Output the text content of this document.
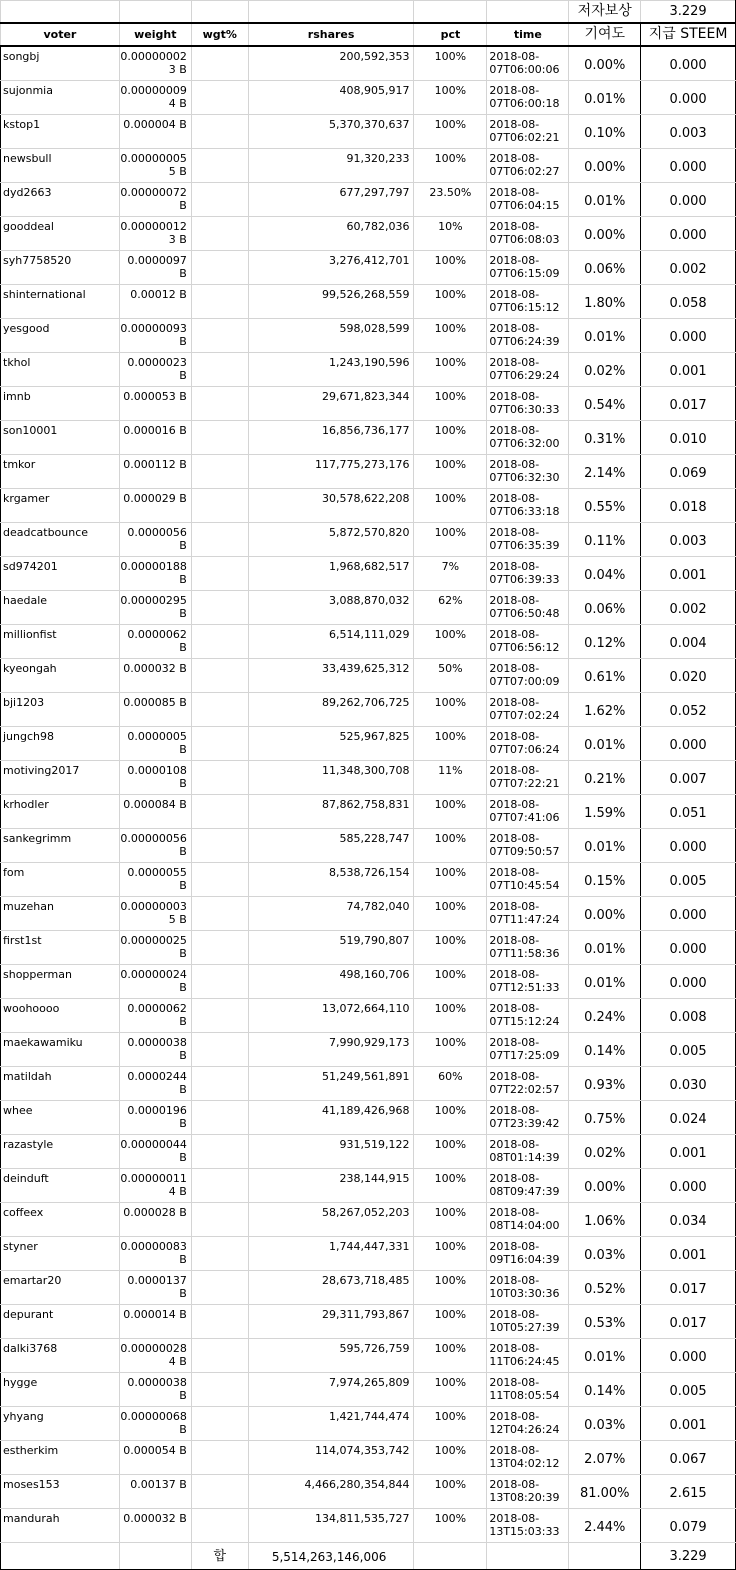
						저자보상	3.229
voter	weight	wgt%	rshares	pct	time	기여도	지급 STEEM
songbj	0.00000002 3 B		200,592,353	100%	2018-08-07T06:00:06	0.00%	0.000
sujonmia	0.00000009 4 B		408,905,917	100%	2018-08-07T06:00:18	0.01%	0.000
kstop1	0.000004 B		5,370,370,637	100%	2018-08-07T06:02:21	0.10%	0.003
newsbull	0.00000005 5 B		91,320,233	100%	2018-08-07T06:02:27	0.00%	0.000
dyd2663	0.00000072 B		677,297,797	23.50%	2018-08-07T06:04:15	0.01%	0.000
gooddeal	0.00000012 3 B		60,782,036	10%	2018-08-07T06:08:03	0.00%	0.000
syh7758520	0.0000097 B		3,276,412,701	100%	2018-08-07T06:15:09	0.06%	0.002
shinternational	0.00012 B		99,526,268,559	100%	2018-08-07T06:15:12	1.80%	0.058
yesgood	0.00000093 B		598,028,599	100%	2018-08-07T06:24:39	0.01%	0.000
tkhol	0.0000023 B		1,243,190,596	100%	2018-08-07T06:29:24	0.02%	0.001
imnb	0.000053 B		29,671,823,344	100%	2018-08-07T06:30:33	0.54%	0.017
son10001	0.000016 B		16,856,736,177	100%	2018-08-07T06:32:00	0.31%	0.010
tmkor	0.000112 B		117,775,273,176	100%	2018-08-07T06:32:30	2.14%	0.069
krgamer	0.000029 B		30,578,622,208	100%	2018-08-07T06:33:18	0.55%	0.018
deadcatbounce	0.0000056 B		5,872,570,820	100%	2018-08-07T06:35:39	0.11%	0.003
sd974201	0.00000188 B		1,968,682,517	7%	2018-08-07T06:39:33	0.04%	0.001
haedale	0.00000295 B		3,088,870,032	62%	2018-08-07T06:50:48	0.06%	0.002
millionfist	0.0000062 B		6,514,111,029	100%	2018-08-07T06:56:12	0.12%	0.004
kyeongah	0.000032 B		33,439,625,312	50%	2018-08-07T07:00:09	0.61%	0.020
bji1203	0.000085 B		89,262,706,725	100%	2018-08-07T07:02:24	1.62%	0.052
jungch98	0.0000005 B		525,967,825	100%	2018-08-07T07:06:24	0.01%	0.000
motiving2017	0.0000108 B		11,348,300,708	11%	2018-08-07T07:22:21	0.21%	0.007
krhodler	0.000084 B		87,862,758,831	100%	2018-08-07T07:41:06	1.59%	0.051
sankegrimm	0.00000056 B		585,228,747	100%	2018-08-07T09:50:57	0.01%	0.000
fom	0.0000055 B		8,538,726,154	100%	2018-08-07T10:45:54	0.15%	0.005
muzehan	0.00000003 5 B		74,782,040	100%	2018-08-07T11:47:24	0.00%	0.000
first1st	0.00000025 B		519,790,807	100%	2018-08-07T11:58:36	0.01%	0.000
shopperman	0.00000024 B		498,160,706	100%	2018-08-07T12:51:33	0.01%	0.000
woohoooo	0.0000062 B		13,072,664,110	100%	2018-08-07T15:12:24	0.24%	0.008
maekawamiku	0.0000038 B		7,990,929,173	100%	2018-08-07T17:25:09	0.14%	0.005
matildah	0.0000244 B		51,249,561,891	60%	2018-08-07T22:02:57	0.93%	0.030
whee	0.0000196 B		41,189,426,968	100%	2018-08-07T23:39:42	0.75%	0.024
razastyle	0.00000044 B		931,519,122	100%	2018-08-08T01:14:39	0.02%	0.001
deinduft	0.00000011 4 B		238,144,915	100%	2018-08-08T09:47:39	0.00%	0.000
coffeex	0.000028 B		58,267,052,203	100%	2018-08-08T14:04:00	1.06%	0.034
styner	0.00000083 B		1,744,447,331	100%	2018-08-09T16:04:39	0.03%	0.001
emartar20	0.0000137 B		28,673,718,485	100%	2018-08-10T03:30:36	0.52%	0.017
depurant	0.000014 B		29,311,793,867	100%	2018-08-10T05:27:39	0.53%	0.017
dalki3768	0.00000028 4 B		595,726,759	100%	2018-08-11T06:24:45	0.01%	0.000
hygge	0.0000038 B		7,974,265,809	100%	2018-08-11T08:05:54	0.14%	0.005
yhyang	0.00000068 B		1,421,744,474	100%	2018-08-12T04:26:24	0.03%	0.001
estherkim	0.000054 B		114,074,353,742	100%	2018-08-13T04:02:12	2.07%	0.067
moses153	0.00137 B		4,466,280,354,844	100%	2018-08-13T08:20:39	81.00%	2.615
mandurah	0.000032 B		134,811,535,727	100%	2018-08-13T15:03:33	2.44%	0.079
		합	5,514,263,146,006				3.229
